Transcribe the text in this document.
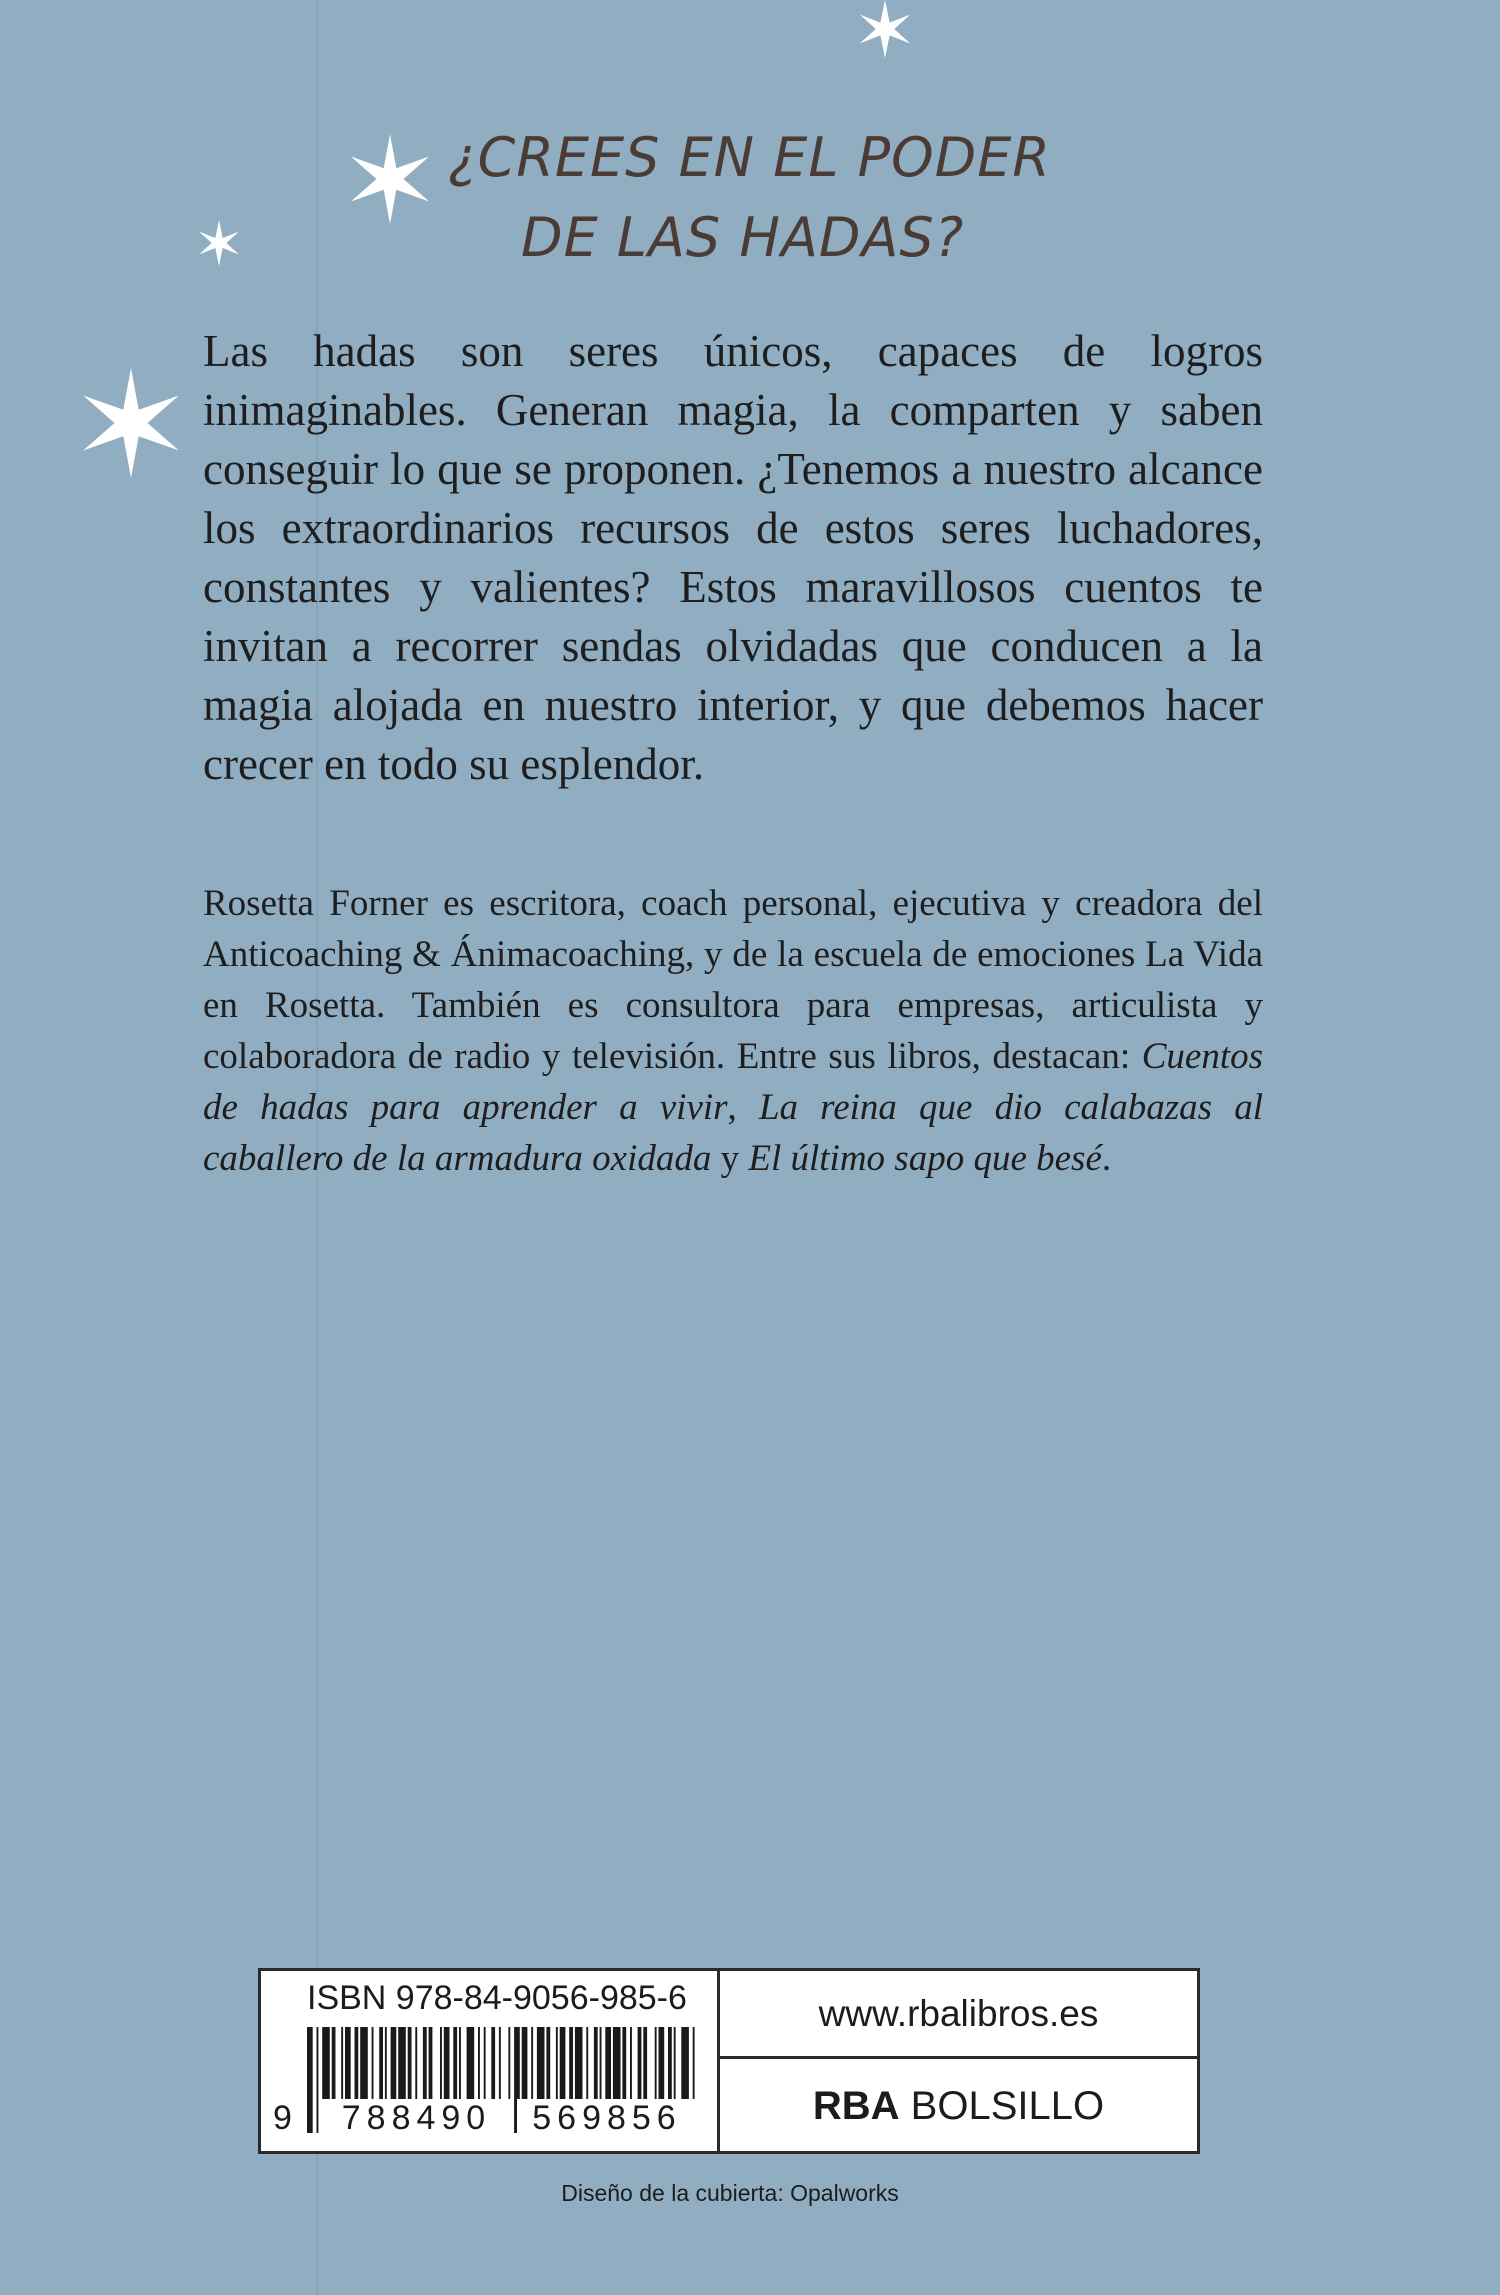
¿CREES EN EL PODER
DE LAS HADAS?
Las hadas son seres únicos, capaces de logros inimaginables. Generan magia, la comparten y saben conseguir lo que se proponen. ¿Tenemos a nuestro alcance los extraordinarios recursos de estos seres luchadores, constantes y valientes? Estos maravillosos cuentos te invitan a recorrer sendas olvidadas que conducen a la magia alojada en nuestro interior, y que debemos hacer crecer en todo su esplendor.
Rosetta Forner es escritora, coach personal, ejecutiva y creadora del Anticoaching & Ánimacoaching, y de la escuela de emociones La Vida en Rosetta. También es consultora para empresas, articulista y colaboradora de radio y televisión. Entre sus libros, destacan: Cuentos de hadas para aprender a vivir, La reina que dio calabazas al caballero de la armadura oxidada y El último sapo que besé.
ISBN 978-84-9056-985-6
9	788490	569856
www.rbalibros.es
RBA BOLSILLO
Diseño de la cubierta: Opalworks
